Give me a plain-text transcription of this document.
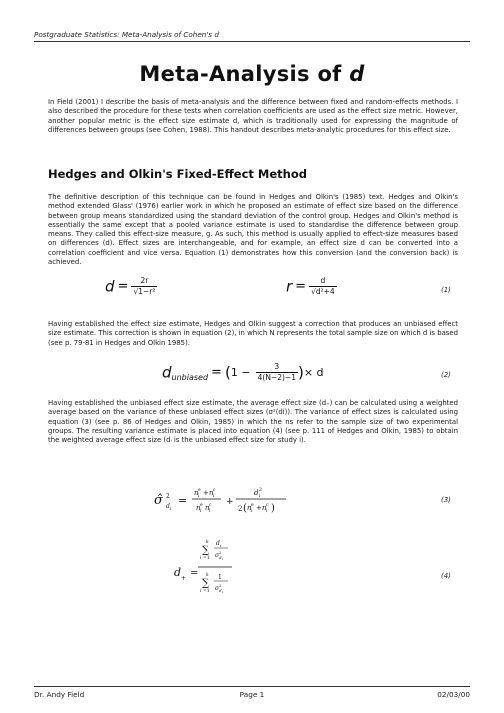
Postgraduate Statistics: Meta-Analysis of Cohen's d
Meta-Analysis of d

In Field (2001) I describe the basis of meta-analysis and the difference between fixed and random-effects methods. I also described the procedure for these tests when correlation coefficients are used as the effect size metric. However, another popular metric is the effect size estimate d, which is traditionally used for expressing the magnitude of differences between groups (see Cohen, 1988). This handout describes meta-analytic procedures for this effect size.

Hedges and Olkin's Fixed-Effect Method

The definitive description of this technique can be found in Hedges and Olkin's (1985) text. Hedges and Olkin's method extended Glass' (1976) earlier work in which he proposed an estimate of effect size based on the difference between group means standardized using the standard deviation of the control group. Hedges and Olkin's method is essentially the same except that a pooled variance estimate is used to standardise the difference between group means. They called this effect-size measure, g. As such, this method is usually applied to effect-size measures based on differences (d). Effect sizes are interchangeable, and for example, an effect size d can be converted into a correlation coefficient and vice versa. Equation (1) demonstrates how this conversion (and the conversion back) is achieved.

$d = \frac{2r}{\text{√1−r²}}$	$r = \frac{d}{\text{√d²+4}}$	(1)

Having established the effect size estimate, Hedges and Olkin suggest a correction that produces an unbiased effect size estimate. This correction is shown in equation (2), in which N represents the total sample size on which d is based (see p. 79-81 in Hedges and Olkin 1985).

dunbiased = ($1 - \frac{3}{4(N-2)-1}$ )× d	(2)

Having established the unbiased effect size estimate, the average effect size (d₊) can be calculated using a weighted average based on the variance of these unbiased effect sizes (σ²(di)). The variance of effect sizes is calculated using equation (3) (see p. 86 of Hedges and Olkin, 1985) in which the ns refer to the sample size of two experimental groups. The resulting variance estimate is placed into equation (4) (see p. 111 of Hedges and Olkin, 1985) to obtain the weighted average effect size (dᵢ is the unbiased effect size for study i).

σ̂ 2
d i
=
n e
i + n c
i
n e
i n c
i
+
d 2
i
2 ( n e
i + n c
i )
(3)
d + =
k
∑
i =1
d i
σ 2
d i
k
∑
i =1
1
σ 2
d i
(4)
Dr. Andy Field	Page 1	02/03/00
